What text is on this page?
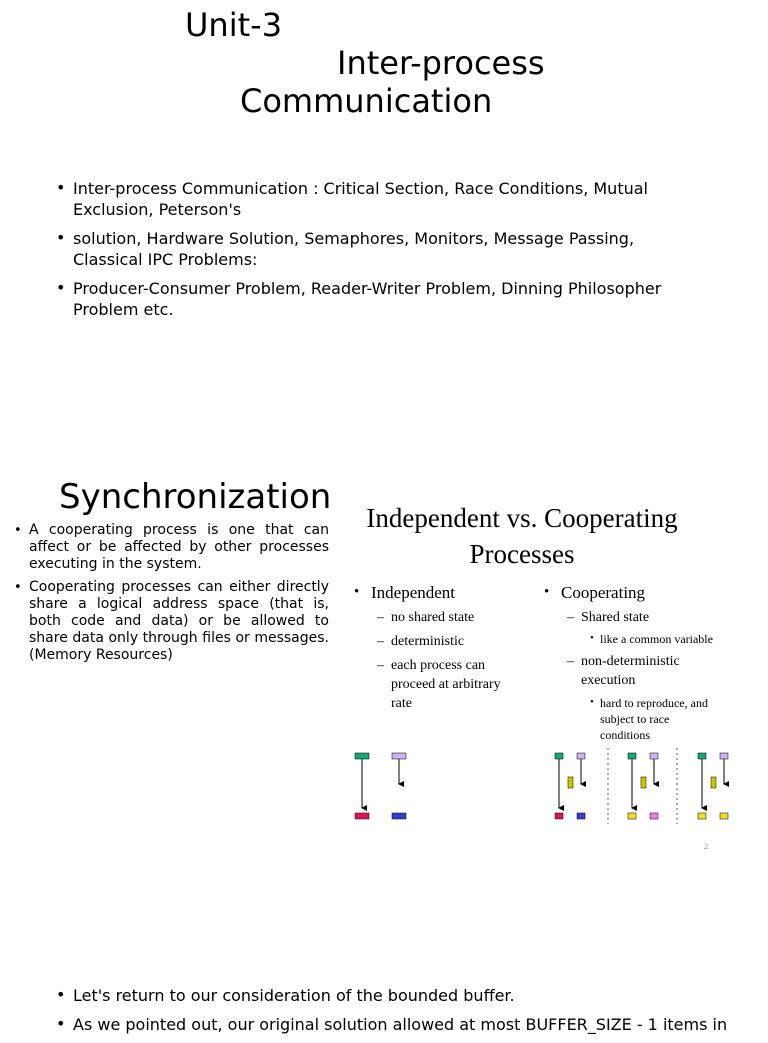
Unit-3
Inter-process
Communication
• Inter-process Communication : Critical Section, Race Conditions, Mutual Exclusion, Peterson's
• solution, Hardware Solution, Semaphores, Monitors, Message Passing, Classical IPC Problems:
• Producer-Consumer Problem, Reader-Writer Problem, Dinning Philosopher Problem etc.
Synchronization
• A cooperating process is one that can affect or be affected by other processes executing in the system.
• Cooperating processes can either directly share a logical address space (that is, both code and data) or be allowed to share data only through files or messages. (Memory Resources)
Independent vs. Cooperating
Processes
• Independent
– no shared state
– deterministic
– each process can
proceed at arbitrary
rate
• Cooperating
– Shared state
• like a common variable
– non-deterministic
execution
• hard to reproduce, and
subject to race
conditions
2
• Let's return to our consideration of the bounded buffer.
• As we pointed out, our original solution allowed at most BUFFER_SIZE - 1 items in
